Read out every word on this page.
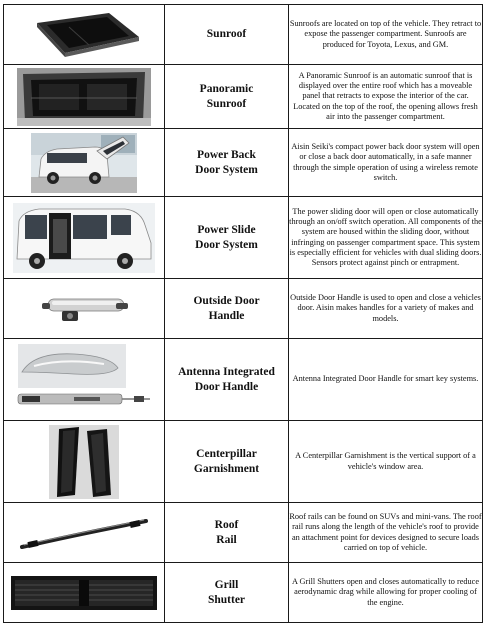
Sunroof	Sunroofs are located on top of the vehicle. They retract to expose the passenger compartment. Sunroofs are produced for Toyota, Lexus, and GM.

Panoramic
Sunroof	A Panoramic Sunroof is an automatic sunroof that is displayed over the entire roof which has a moveable panel that retracts to expose the interior of the car. Located on the top of the roof, the opening allows fresh air into the passenger compartment.

Power Back
Door System	Aisin Seiki's compact power back door system will open or close a back door automatically, in a safe manner through the simple operation of using a wireless remote switch.

Power Slide
Door System	The power sliding door will open or close automatically through an on/off switch operation. All components of the system are housed within the sliding door, without infringing on passenger compartment space. This system is especially efficient for vehicles with dual sliding doors. Sensors protect against pinch or entrapment.

Outside Door
Handle	Outside Door Handle is used to open and close a vehicles door. Aisin makes handles for a variety of makes and models.

Antenna Integrated
Door Handle	Antenna Integrated Door Handle for smart key systems.

Centerpillar
Garnishment	A Centerpillar Garnishment is the vertical support of a vehicle's window area.

Roof
Rail	Roof rails can be found on SUVs and mini-vans. The roof rail runs along the length of the vehicle's roof to provide an attachment point for devices designed to secure loads carried on top of vehicle.

Grill
Shutter	A Grill Shutters open and closes automatically to reduce aerodynamic drag while allowing for proper cooling of the engine.
